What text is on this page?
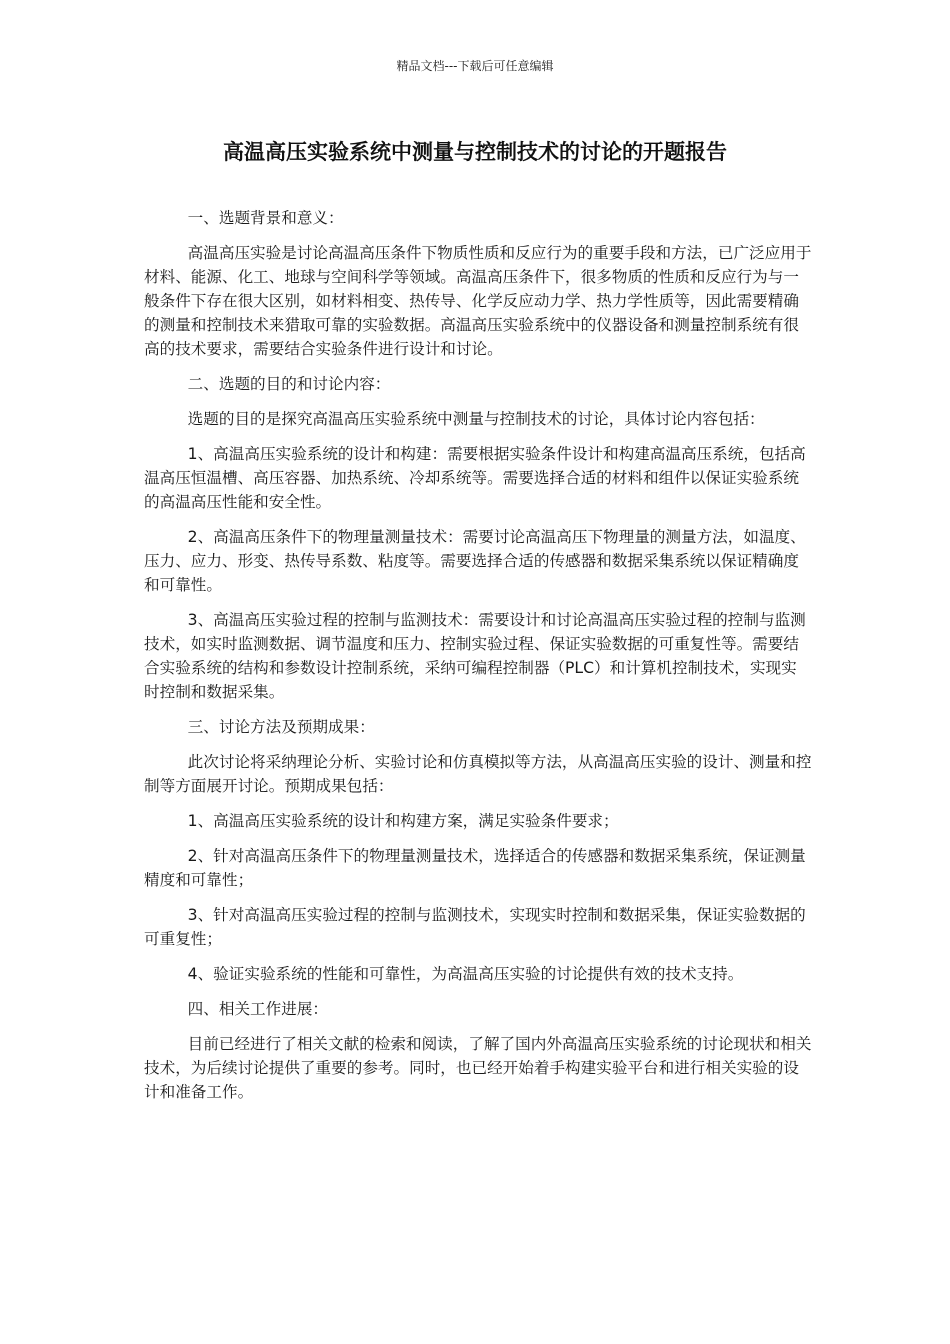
精品文档---下载后可任意编辑
高温高压实验系统中测量与控制技术的讨论的开题报告

一、选题背景和意义：

高温高压实验是讨论高温高压条件下物质性质和反应行为的重要手段和方法，已广泛应用于材料、能源、化工、地球与空间科学等领域。高温高压条件下，很多物质的性质和反应行为与一般条件下存在很大区别，如材料相变、热传导、化学反应动力学、热力学性质等，因此需要精确的测量和控制技术来猎取可靠的实验数据。高温高压实验系统中的仪器设备和测量控制系统有很高的技术要求，需要结合实验条件进行设计和讨论。

二、选题的目的和讨论内容：

选题的目的是探究高温高压实验系统中测量与控制技术的讨论，具体讨论内容包括：

1、高温高压实验系统的设计和构建：需要根据实验条件设计和构建高温高压系统，包括高温高压恒温槽、高压容器、加热系统、冷却系统等。需要选择合适的材料和组件以保证实验系统的高温高压性能和安全性。

2、高温高压条件下的物理量测量技术：需要讨论高温高压下物理量的测量方法，如温度、压力、应力、形变、热传导系数、粘度等。需要选择合适的传感器和数据采集系统以保证精确度和可靠性。

3、高温高压实验过程的控制与监测技术：需要设计和讨论高温高压实验过程的控制与监测技术，如实时监测数据、调节温度和压力、控制实验过程、保证实验数据的可重复性等。需要结合实验系统的结构和参数设计控制系统，采纳可编程控制器（PLC）和计算机控制技术，实现实时控制和数据采集。

三、讨论方法及预期成果：

此次讨论将采纳理论分析、实验讨论和仿真模拟等方法，从高温高压实验的设计、测量和控制等方面展开讨论。预期成果包括：

1、高温高压实验系统的设计和构建方案，满足实验条件要求；

2、针对高温高压条件下的物理量测量技术，选择适合的传感器和数据采集系统，保证测量精度和可靠性；

3、针对高温高压实验过程的控制与监测技术，实现实时控制和数据采集，保证实验数据的可重复性；

4、验证实验系统的性能和可靠性，为高温高压实验的讨论提供有效的技术支持。

四、相关工作进展：

目前已经进行了相关文献的检索和阅读，了解了国内外高温高压实验系统的讨论现状和相关技术，为后续讨论提供了重要的参考。同时，也已经开始着手构建实验平台和进行相关实验的设计和准备工作。
